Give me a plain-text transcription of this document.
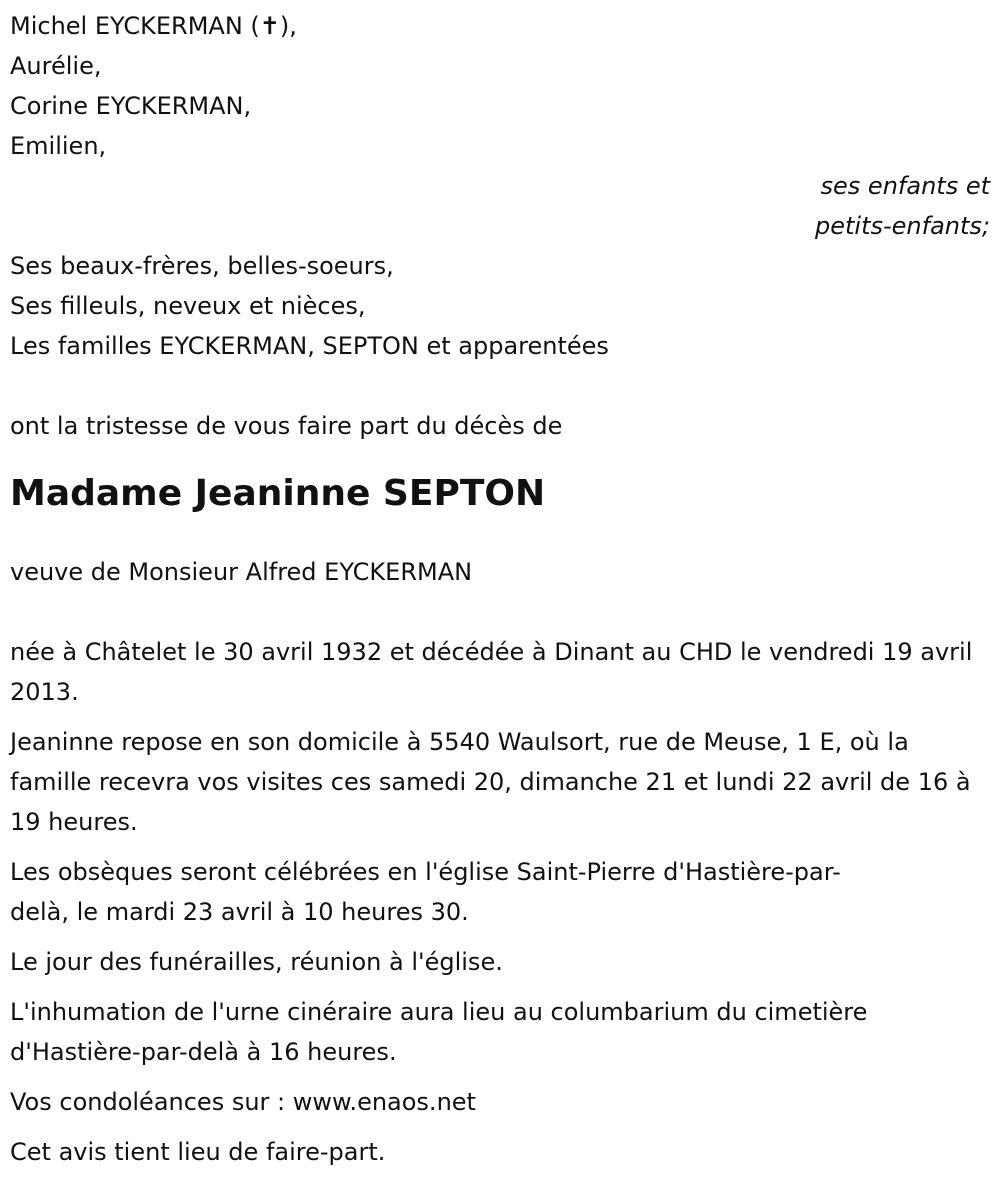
Michel EYCKERMAN (✝),
Aurélie,
Corine EYCKERMAN,
Emilien,
ses enfants et
petits-enfants;
Ses beaux-frères, belles-soeurs,
Ses filleuls, neveux et nièces,
Les familles EYCKERMAN, SEPTON et apparentées
ont la tristesse de vous faire part du décès de
Madame Jeaninne SEPTON
veuve de Monsieur Alfred EYCKERMAN
née à Châtelet le 30 avril 1932 et décédée à Dinant au CHD le vendredi 19 avril 2013.
Jeaninne repose en son domicile à 5540 Waulsort, rue de Meuse, 1 E, où la famille recevra vos visites ces samedi 20, dimanche 21 et lundi 22 avril de 16 à 19 heures.
Les obsèques seront célébrées en l'église Saint-Pierre d'Hastière-par-delà, le mardi 23 avril à 10 heures 30.
Le jour des funérailles, réunion à l'église.
L'inhumation de l'urne cinéraire aura lieu au columbarium du cimetière d'Hastière-par-delà à 16 heures.
Vos condoléances sur : www.enaos.net
Cet avis tient lieu de faire-part.
